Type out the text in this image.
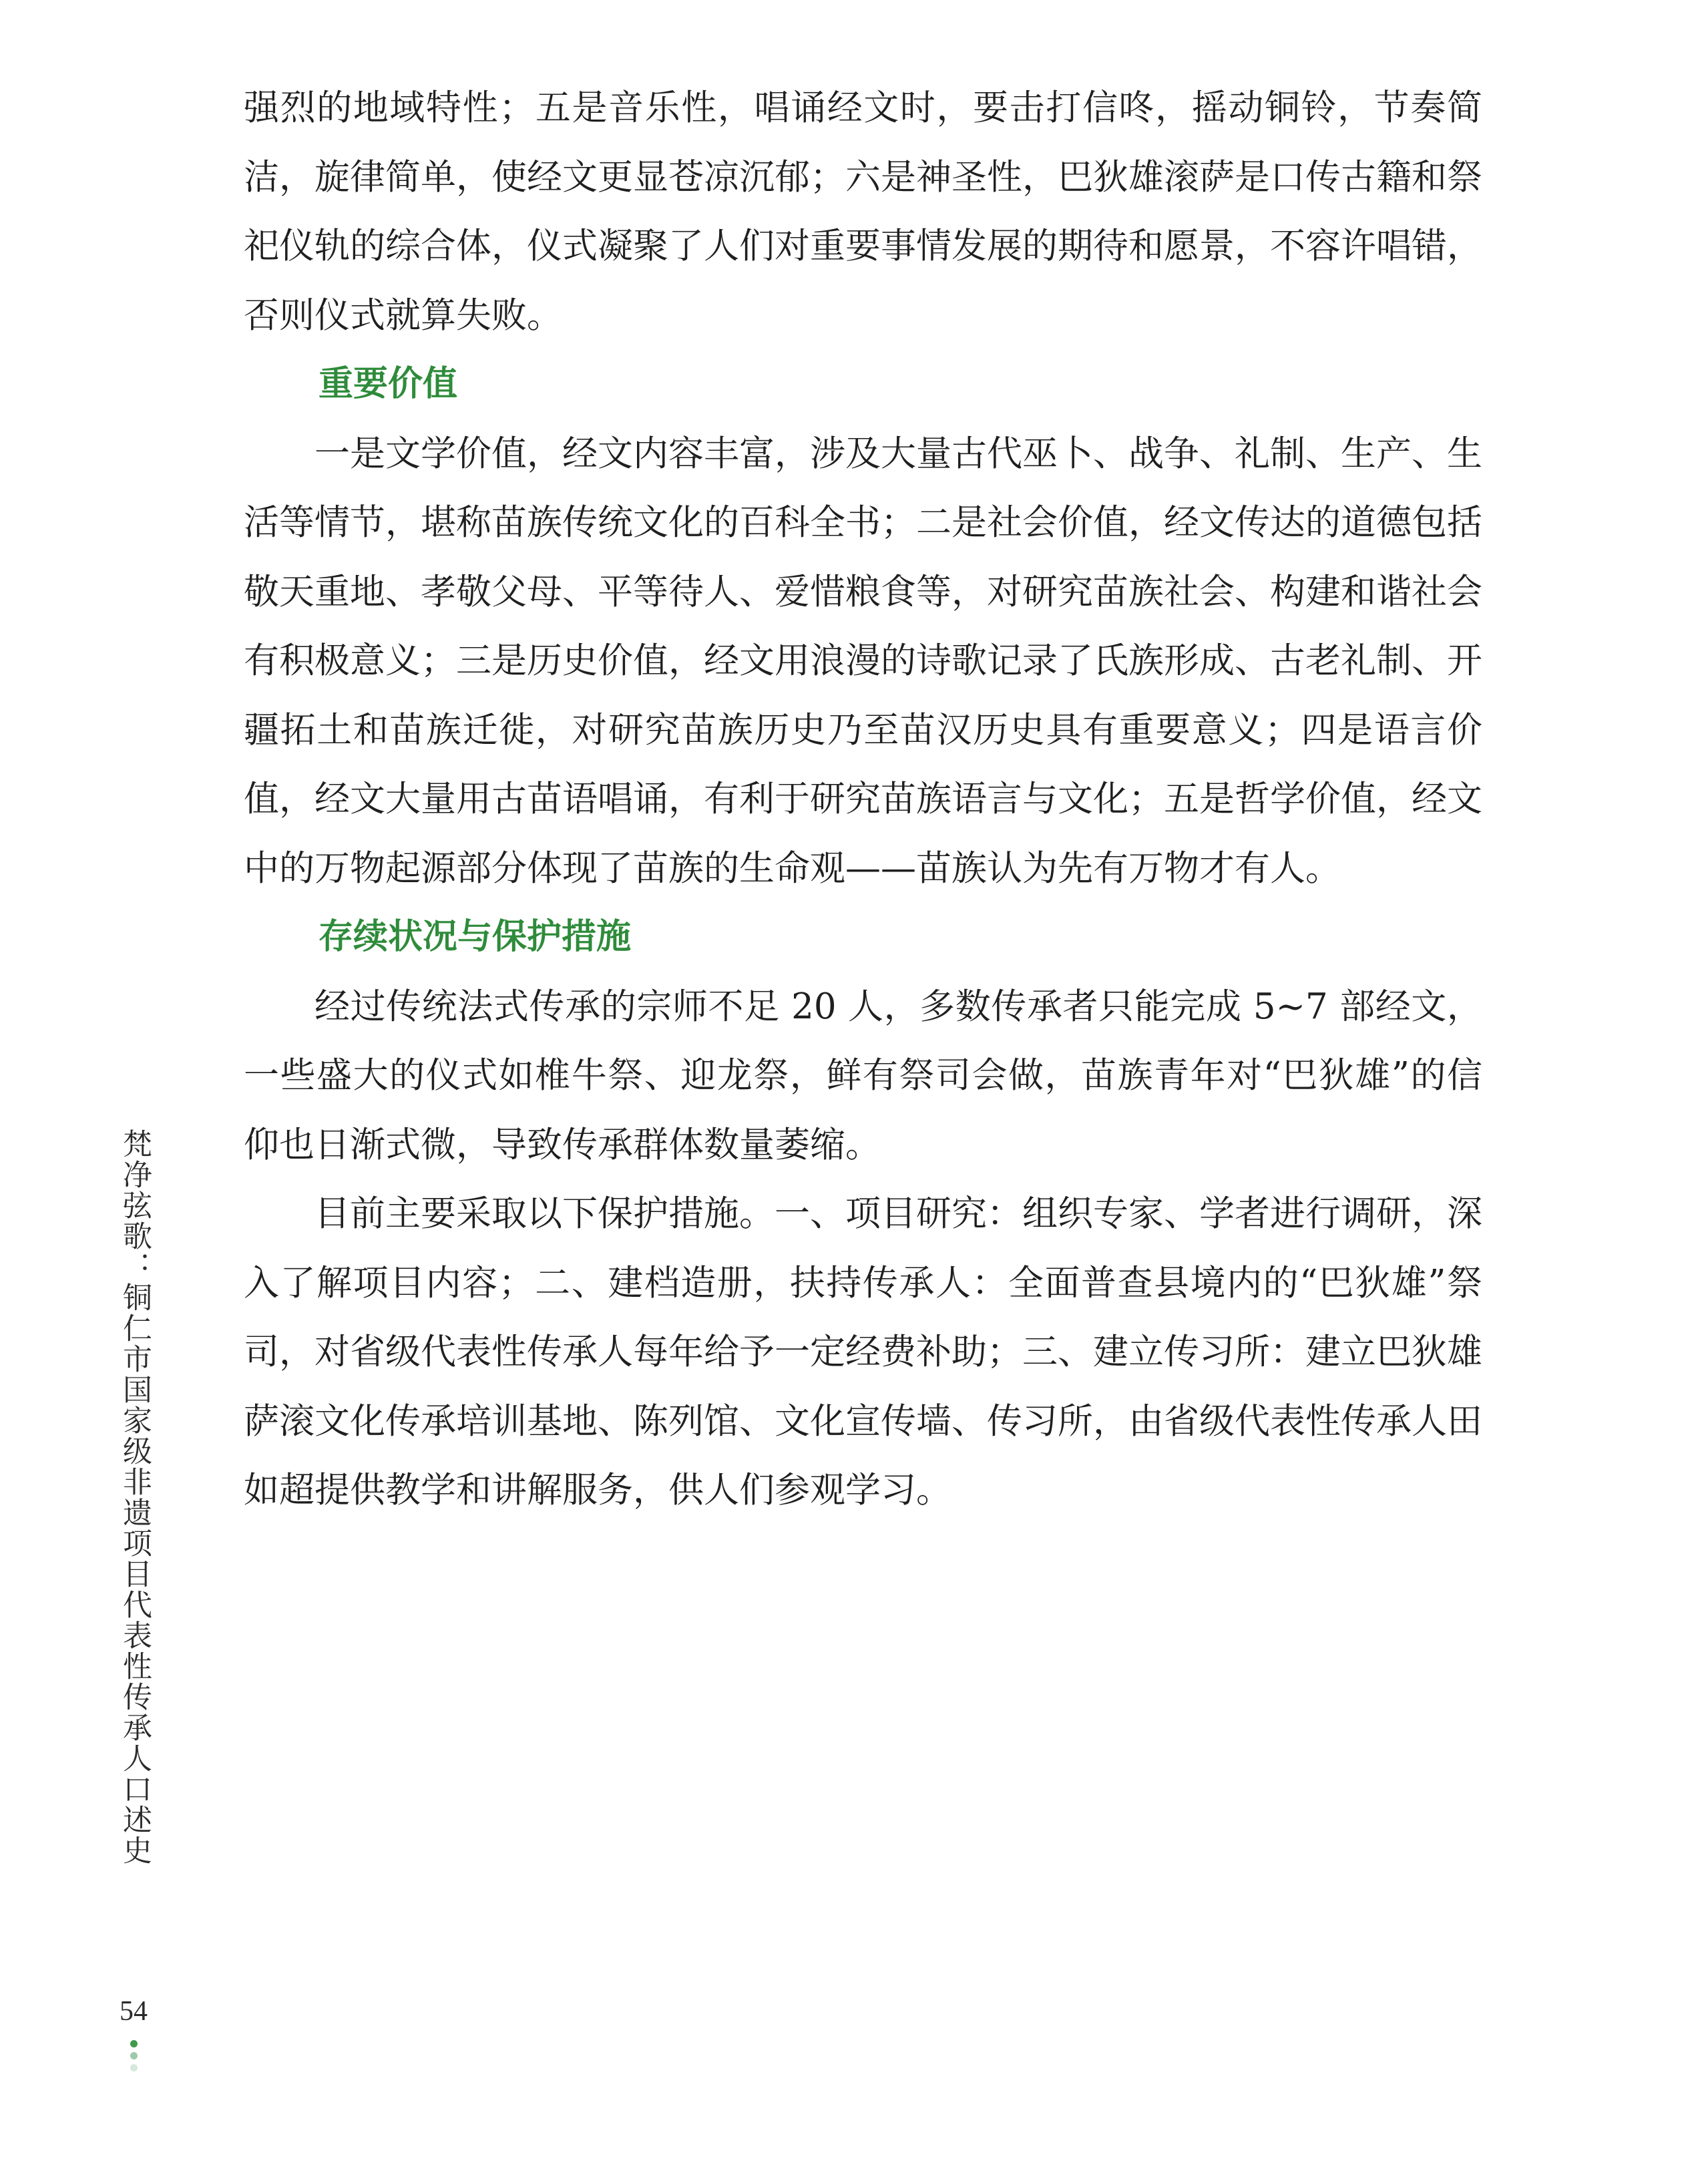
强烈的地域特性；五是音乐性，唱诵经文时，要击打信咚，摇动铜铃，节奏简洁，旋律简单，使经文更显苍凉沉郁；六是神圣性，巴狄雄滚萨是口传古籍和祭祀仪轨的综合体，仪式凝聚了人们对重要事情发展的期待和愿景，不容许唱错，否则仪式就算失败。

重要价值

一是文学价值，经文内容丰富，涉及大量古代巫卜、战争、礼制、生产、生活等情节，堪称苗族传统文化的百科全书；二是社会价值，经文传达的道德包括敬天重地、孝敬父母、平等待人、爱惜粮食等，对研究苗族社会、构建和谐社会有积极意义；三是历史价值，经文用浪漫的诗歌记录了氏族形成、古老礼制、开疆拓土和苗族迁徙，对研究苗族历史乃至苗汉历史具有重要意义；四是语言价值，经文大量用古苗语唱诵，有利于研究苗族语言与文化；五是哲学价值，经文中的万物起源部分体现了苗族的生命观——苗族认为先有万物才有人。

存续状况与保护措施

经过传统法式传承的宗师不足 20 人，多数传承者只能完成 5~7 部经文，一些盛大的仪式如椎牛祭、迎龙祭，鲜有祭司会做，苗族青年对“巴狄雄”的信仰也日渐式微，导致传承群体数量萎缩。

目前主要采取以下保护措施。一、项目研究：组织专家、学者进行调研，深入了解项目内容；二、建档造册，扶持传承人：全面普查县境内的“巴狄雄”祭司，对省级代表性传承人每年给予一定经费补助；三、建立传习所：建立巴狄雄萨滚文化传承培训基地、陈列馆、文化宣传墙、传习所，由省级代表性传承人田如超提供教学和讲解服务，供人们参观学习。

梵净弦歌：铜仁市国家级非遗项目代表性传承人口述史
54
